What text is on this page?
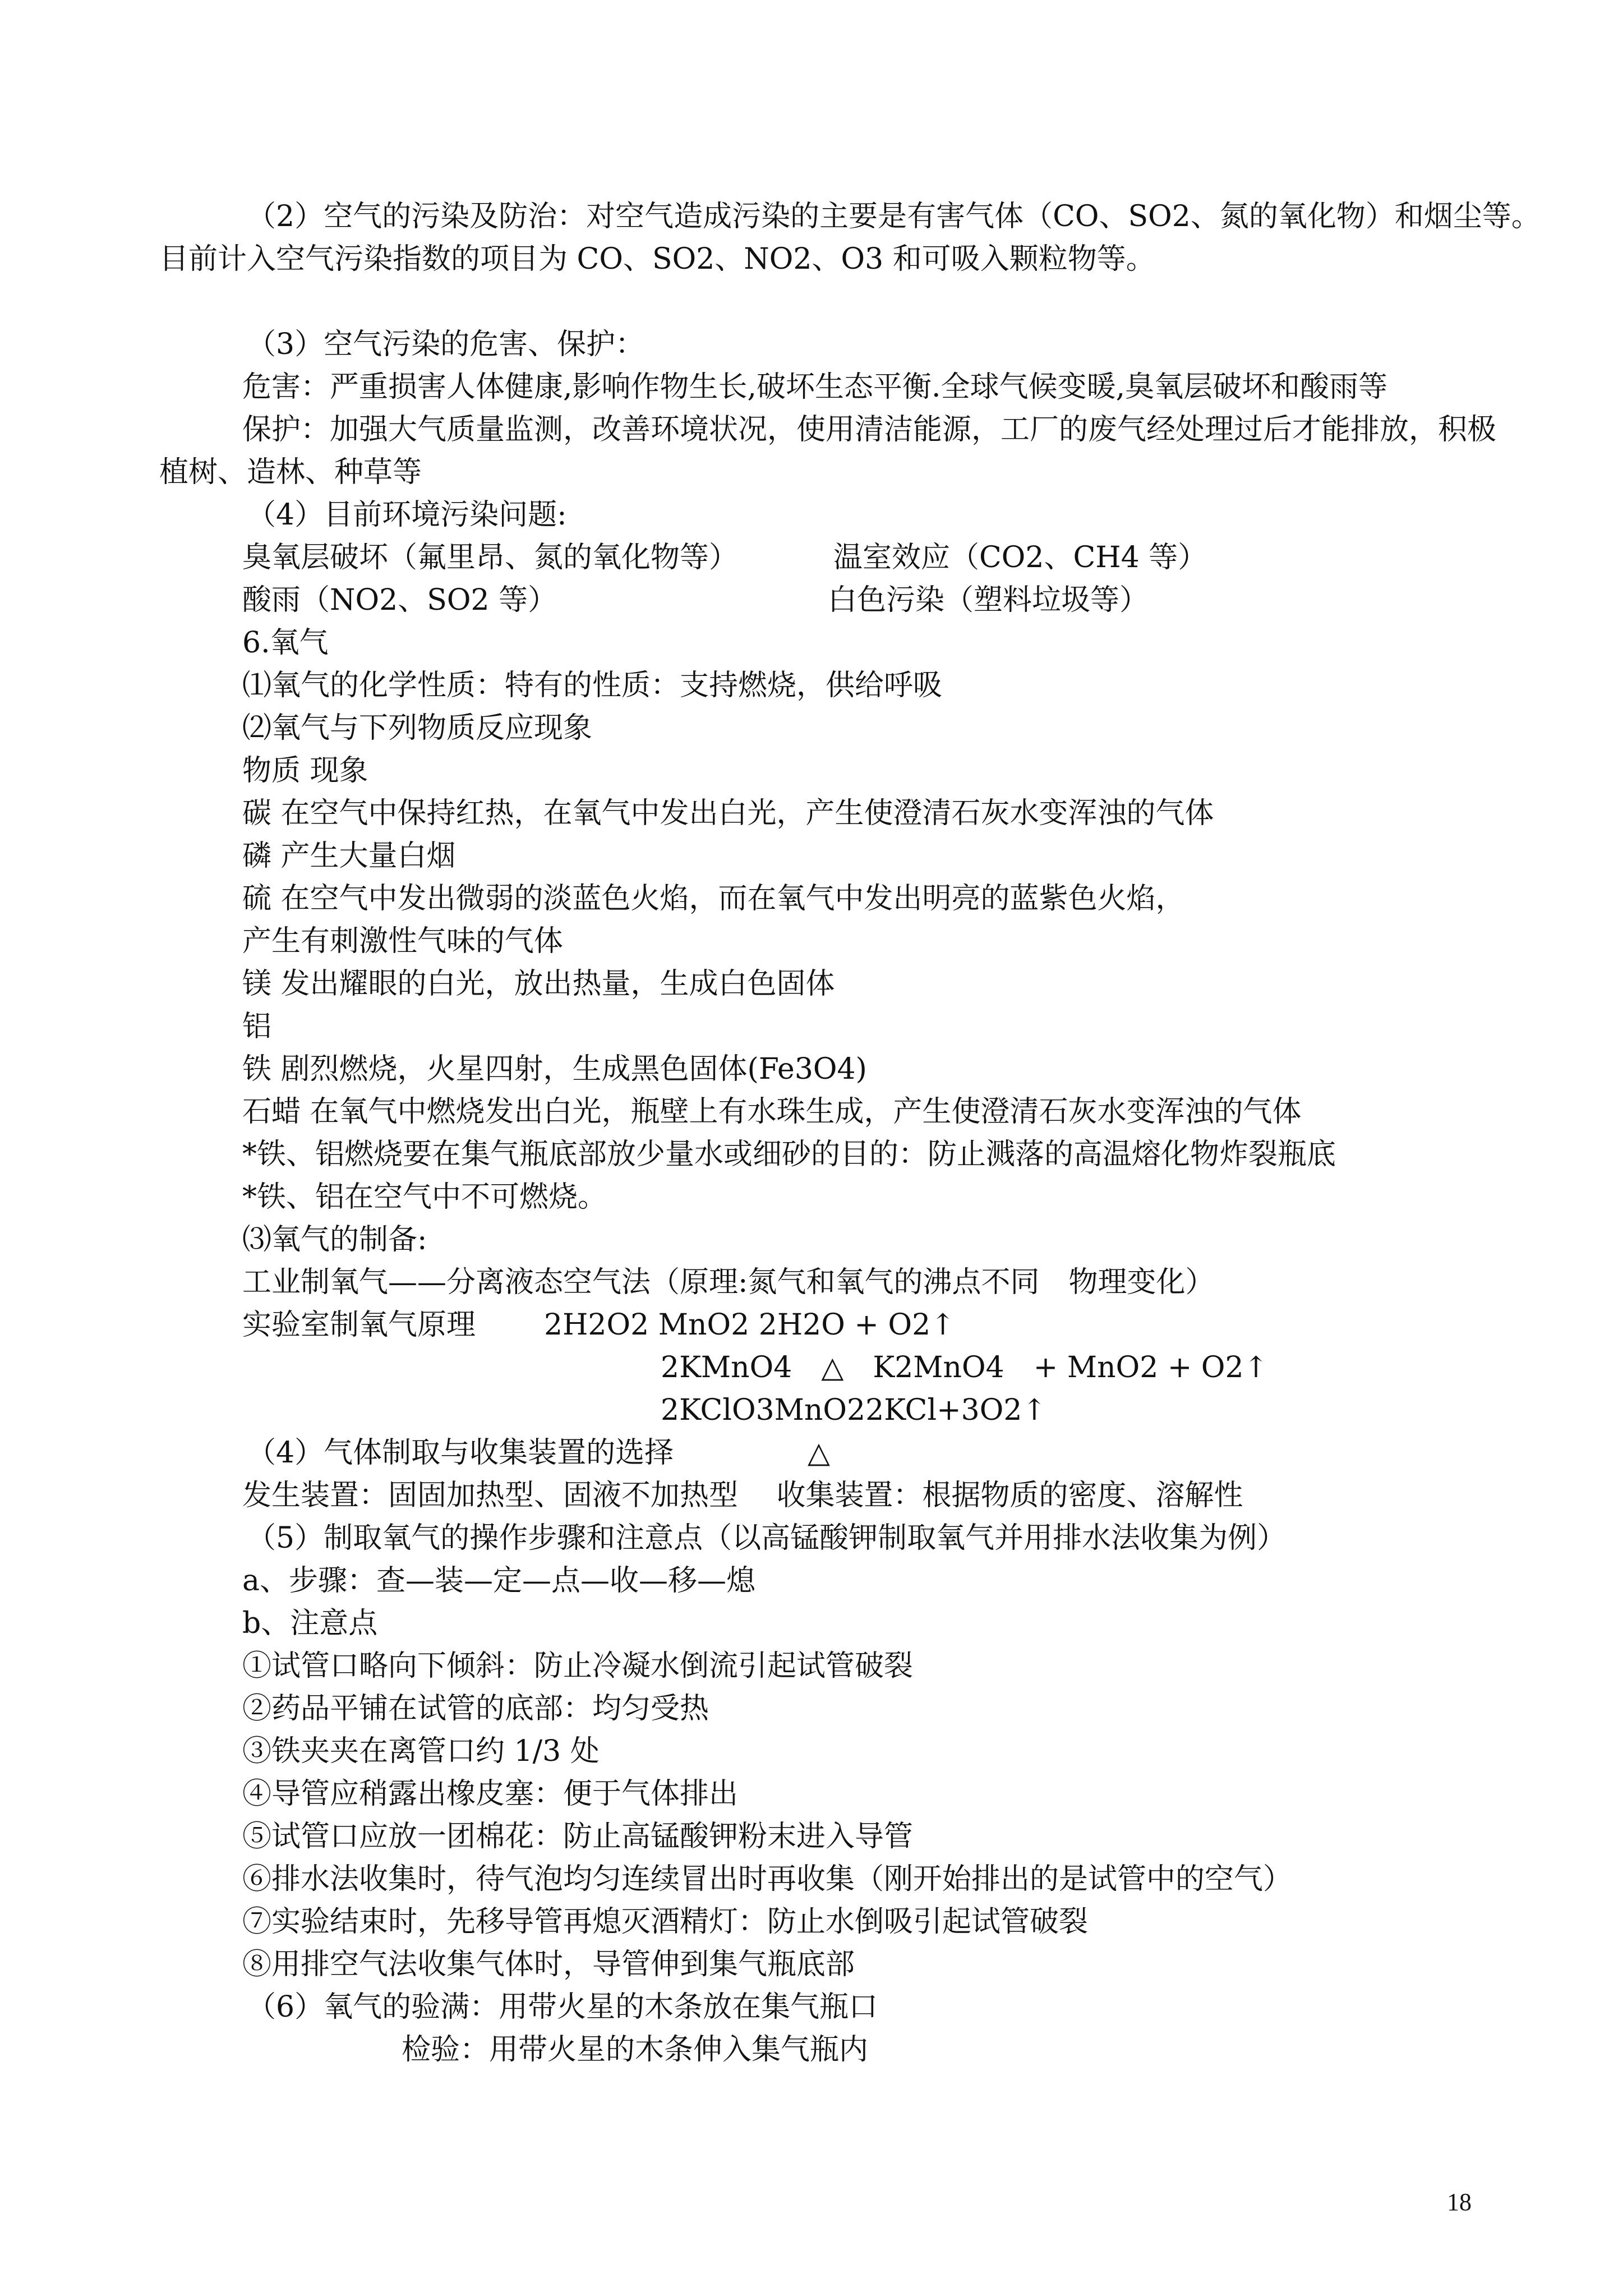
（2）空气的污染及防治：对空气造成污染的主要是有害气体（CO、SO2、氮的氧化物）和烟尘等。
目前计入空气污染指数的项目为 CO、SO2、NO2、O3 和可吸入颗粒物等。
（3）空气污染的危害、保护：
危害：严重损害人体健康,影响作物生长,破坏生态平衡.全球气候变暖,臭氧层破坏和酸雨等
保护：加强大气质量监测，改善环境状况，使用清洁能源，工厂的废气经处理过后才能排放，积极
植树、造林、种草等
（4）目前环境污染问题:
臭氧层破坏（氟里昂、氮的氧化物等）	温室效应（CO2、CH4 等）
酸雨（NO2、SO2 等）	白色污染（塑料垃圾等）
6.氧气
⑴氧气的化学性质：特有的性质：支持燃烧，供给呼吸
⑵氧气与下列物质反应现象
物质 现象
碳 在空气中保持红热，在氧气中发出白光，产生使澄清石灰水变浑浊的气体
磷 产生大量白烟
硫 在空气中发出微弱的淡蓝色火焰，而在氧气中发出明亮的蓝紫色火焰，
产生有刺激性气味的气体
镁 发出耀眼的白光，放出热量，生成白色固体
铝
铁 剧烈燃烧，火星四射，生成黑色固体(Fe3O4)
石蜡 在氧气中燃烧发出白光，瓶壁上有水珠生成，产生使澄清石灰水变浑浊的气体
*铁、铝燃烧要在集气瓶底部放少量水或细砂的目的：防止溅落的高温熔化物炸裂瓶底
*铁、铝在空气中不可燃烧。
⑶氧气的制备:
工业制氧气——分离液态空气法（原理:氮气和氧气的沸点不同　物理变化）
实验室制氧气原理 2H2O2 MnO2 2H2O + O2↑
2KMnO4　△　K2MnO4　+ MnO2 + O2↑
2KClO3MnO22KCl+3O2↑
（4）气体制取与收集装置的选择	△
发生装置：固固加热型、固液不加热型　 收集装置：根据物质的密度、溶解性
（5）制取氧气的操作步骤和注意点（以高锰酸钾制取氧气并用排水法收集为例）
a、步骤：查—装—定—点—收—移—熄
b、注意点
①试管口略向下倾斜：防止冷凝水倒流引起试管破裂
②药品平铺在试管的底部：均匀受热
③铁夹夹在离管口约 1/3 处
④导管应稍露出橡皮塞：便于气体排出
⑤试管口应放一团棉花：防止高锰酸钾粉末进入导管
⑥排水法收集时，待气泡均匀连续冒出时再收集（刚开始排出的是试管中的空气）
⑦实验结束时，先移导管再熄灭酒精灯：防止水倒吸引起试管破裂
⑧用排空气法收集气体时，导管伸到集气瓶底部
（6）氧气的验满：用带火星的木条放在集气瓶口
检验：用带火星的木条伸入集气瓶内
18
